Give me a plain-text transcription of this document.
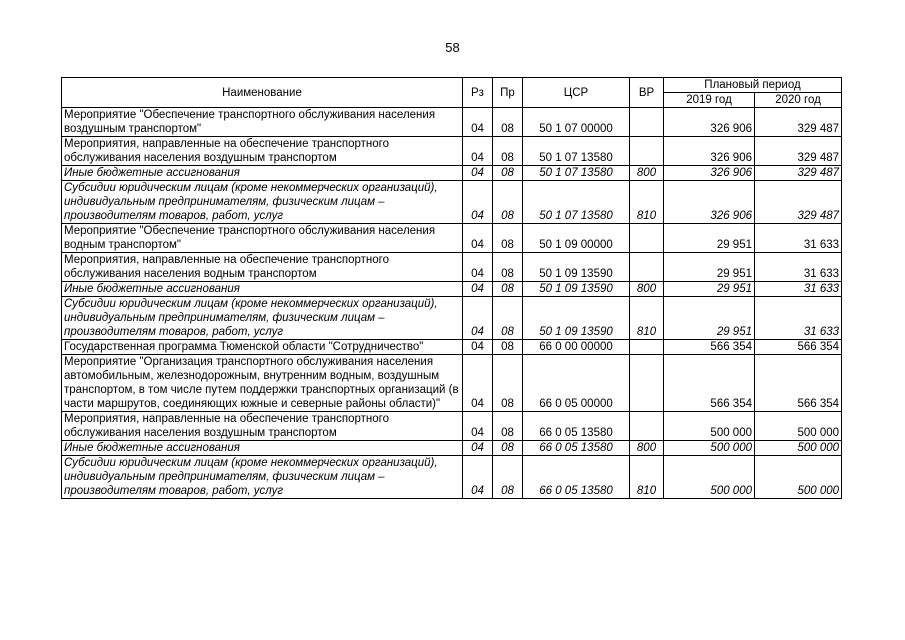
58
Наименование	Рз	Пр	ЦСР	ВР	Плановый период	
					2019 год	2020 год
Мероприятие "Обеспечение транспортного обслуживания населения воздушным транспортом"	04	08	50 1 07 00000		326 906	329 487
Мероприятия, направленные на обеспечение транспортного обслуживания населения воздушным транспортом	04	08	50 1 07 13580		326 906	329 487
Иные бюджетные ассигнования	04	08	50 1 07 13580	800	326 906	329 487
Субсидии юридическим лицам (кроме некоммерческих организаций), индивидуальным предпринимателям, физическим лицам – производителям товаров, работ, услуг	04	08	50 1 07 13580	810	326 906	329 487
Мероприятие "Обеспечение транспортного обслуживания населения водным транспортом"	04	08	50 1 09 00000		29 951	31 633
Мероприятия, направленные на обеспечение транспортного обслуживания населения водным транспортом	04	08	50 1 09 13590		29 951	31 633
Иные бюджетные ассигнования	04	08	50 1 09 13590	800	29 951	31 633
Субсидии юридическим лицам (кроме некоммерческих организаций), индивидуальным предпринимателям, физическим лицам – производителям товаров, работ, услуг	04	08	50 1 09 13590	810	29 951	31 633
Государственная программа Тюменской области "Сотрудничество"	04	08	66 0 00 00000		566 354	566 354
Мероприятие "Организация транспортного обслуживания населения автомобильным, железнодорожным, внутренним водным, воздушным транспортом, в том числе путем поддержки транспортных организаций (в части маршрутов, соединяющих южные и северные районы области)"	04	08	66 0 05 00000		566 354	566 354
Мероприятия, направленные на обеспечение транспортного обслуживания населения воздушным транспортом	04	08	66 0 05 13580		500 000	500 000
Иные бюджетные ассигнования	04	08	66 0 05 13580	800	500 000	500 000
Субсидии юридическим лицам (кроме некоммерческих организаций), индивидуальным предпринимателям, физическим лицам – производителям товаров, работ, услуг	04	08	66 0 05 13580	810	500 000	500 000
